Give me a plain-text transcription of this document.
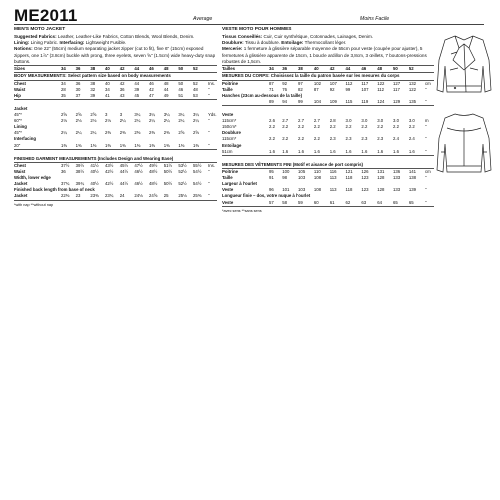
ME2011	Average	Moins Facile
MEN'S MOTO JACKET

Suggested Fabrics: Leather, Leather-Like Fabrics, Cotton Blends, Wool Blends, Denim.

Lining: Lining Fabric. Interfacing: Lightweight Fusible.

Notions: One 22" (55cm) medium separating jacket zipper (cut to fit), five 6" (15cm) exposed zippers, one 1⅞" (3.8cm) buckle with prong, three eyelets, seven ⅝" (1.5cm) wide heavy-duty snap buttons.

Sizes	34	36	38	40	42	44	46	48	50	52	
BODY MEASUREMENTS: Select pattern size based on body measurements											
Chest	34	36	38	40	42	44	46	48	50	52	Ins.
Waist	28	30	32	34	36	39	42	44	46	48	"
Hip	35	37	39	41	43	45	47	49	51	53	"

Jacket											
45"*	2⅝	2⅝	2⅝	3	3	3¼	3¼	3¼	3¼	3¼	Yds.
60"*	2⅛	2⅛	2⅛	2⅛	2¼	2¼	2¼	2¼	2¼	2¼	"
Lining											
45"*	2¼	2¼	2¼	2⅜	2⅜	2⅜	2⅜	2⅜	2⅝	2⅝	"
Interfacing											
20"	1⅜	1⅜	1⅜	1⅜	1⅜	1⅜	1⅜	1⅜	1⅜	1⅜	"

FINISHED GARMENT MEASUREMENTS (Includes Design and Wearing Ease)											
Chest	37½	39½	41½	43½	45½	47½	49½	51½	53½	55½	Ins.
Waist	36	38½	40½	42½	44½	46½	48½	50½	52½	54½	"
Width, lower edge											
Jacket	37¾	39¾	40½	42½	44½	46½	48½	50½	52½	54½	"
Finished back length from base of neck											
Jacket	22⅜	23	23⅜	23¾	24	24⅛	24⅝	25	25⅛	25⅜	"
*with nap **without nap
VESTE MOTO POUR HOMMES

Tissus Conseillés: Cuir, Cuir synthétique, Cotonnades, Lainages, Denim.

Doublure: Tissu à doublure. Entoilage: Thermocollant léger.

Mercerie: 1 fermeture à glissière séparable moyenne de 55cm pour veste (coupée pour ajuster), 5 fermetures à glissière apparente de 15cm, 1 boucle ardillon de 3,8cm, 3 œillets, 7 boutons-pressions robustes de 1,5cm.

Tailles	34	36	38	40	42	44	46	48	50	52	
MESURES DU CORPS: Choisissez la taille du patron basée sur les mesures du corps											
Poitrine	87	92	97	102	107	112	117	122	127	132	cm
Taille	71	76	82	87	92	99	107	112	117	122	"
Hanches (23cm au-dessous de la taille)											
	89	94	99	104	109	115	119	124	129	135	"

Veste											
115cm*	2.6	2.7	2.7	2.7	2.8	3.0	3.0	3.0	3.0	3.0	m
150cm*	2.2	2.2	2.2	2.2	2.2	2.2	2.2	2.2	2.2	2.2	"
Doublure											
115cm*	2.2	2.2	2.2	2.2	2.3	2.3	2.3	2.3	2.4	2.4	"
Entoilage											
51cm	1.6	1.6	1.6	1.6	1.6	1.6	1.6	1.6	1.6	1.6	"

MESURES DES VÊTEMENTS FINI (Motif et aisance de port compris)											
Poitrine	95	100	105	110	116	121	126	131	136	141	cm
Taille	91	98	103	108	113	118	123	128	133	138	"
Largeur à l'ourlet											
Veste	96	101	103	108	113	118	123	128	133	139	"
Longueur finie – dos, votre nuque à l'ourlet											
Veste	57	58	59	60	61	62	63	64	65	65	"
*avec sens **sans sens
